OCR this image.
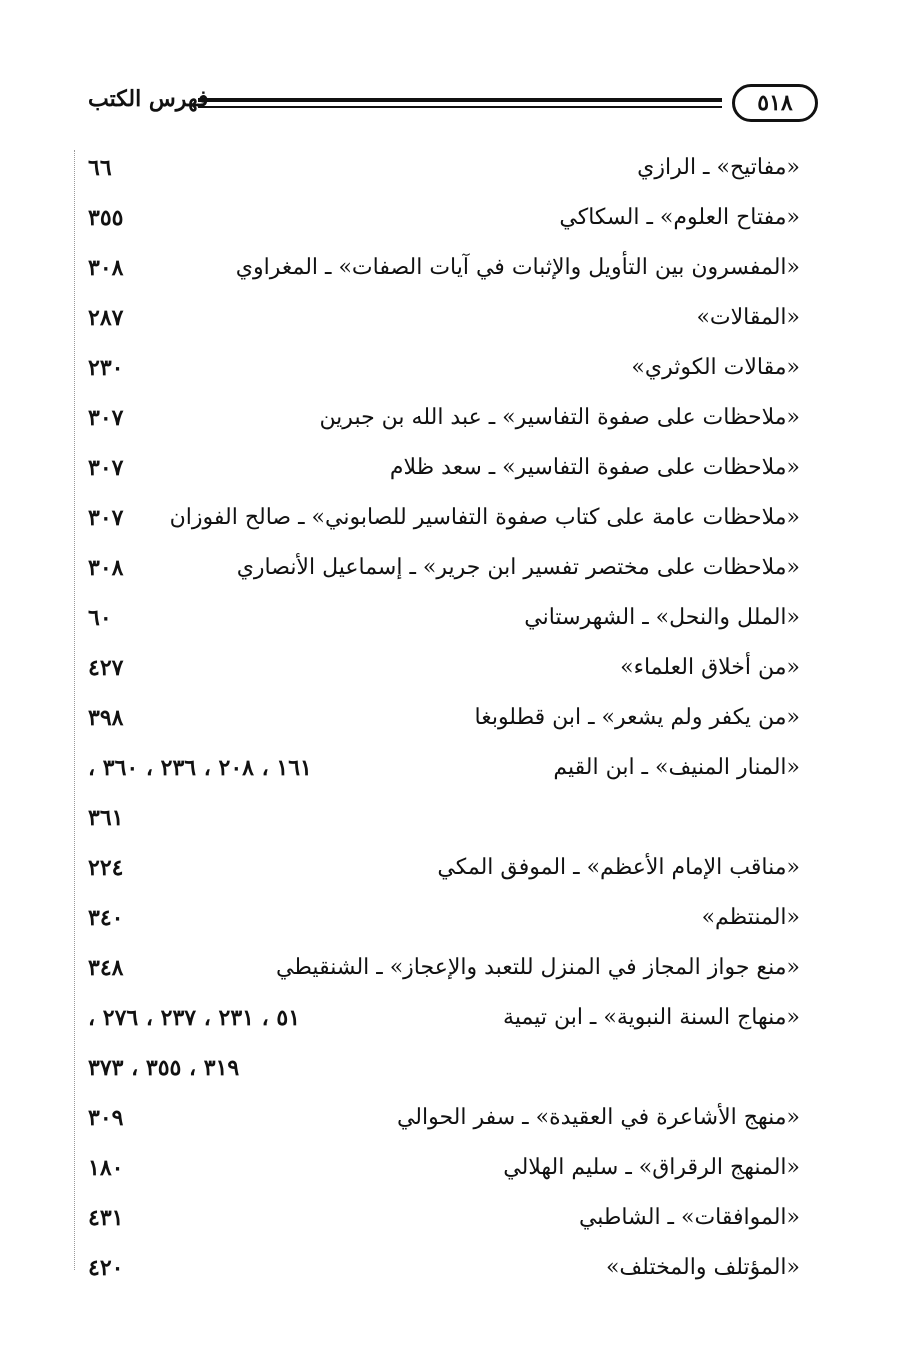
فهرس الكتب	٥١٨
«مفاتيح» ـ الرازي
٦٦
«مفتاح العلوم» ـ السكاكي
٣٥٥
«المفسرون بين التأويل والإثبات في آيات الصفات» ـ المغراوي
٣٠٨
«المقالات»
٢٨٧
«مقالات الكوثري»
٢٣٠
«ملاحظات على صفوة التفاسير» ـ عبد الله بن جبرين
٣٠٧
«ملاحظات على صفوة التفاسير» ـ سعد ظلام
٣٠٧
«ملاحظات عامة على كتاب صفوة التفاسير للصابوني» ـ صالح الفوزان
٣٠٧
«ملاحظات على مختصر تفسير ابن جرير» ـ إسماعيل الأنصاري
٣٠٨
«الملل والنحل» ـ الشهرستاني
٦٠
«من أخلاق العلماء»
٤٢٧
«من يكفر ولم يشعر» ـ ابن قطلوبغا
٣٩٨
«المنار المنيف» ـ ابن القيم
١٦١ ، ٢٠٨ ، ٢٣٦ ، ٣٦٠ ،
٣٦١
«مناقب الإمام الأعظم» ـ الموفق المكي
٢٢٤
«المنتظم»
٣٤٠
«منع جواز المجاز في المنزل للتعبد والإعجاز» ـ الشنقيطي
٣٤٨
«منهاج السنة النبوية» ـ ابن تيمية
٥١ ، ٢٣١ ، ٢٣٧ ، ٢٧٦ ،
٣١٩ ، ٣٥٥ ، ٣٧٣
«منهج الأشاعرة في العقيدة» ـ سفر الحوالي
٣٠٩
«المنهج الرقراق» ـ سليم الهلالي
١٨٠
«الموافقات» ـ الشاطبي
٤٣١
«المؤتلف والمختلف»
٤٢٠
